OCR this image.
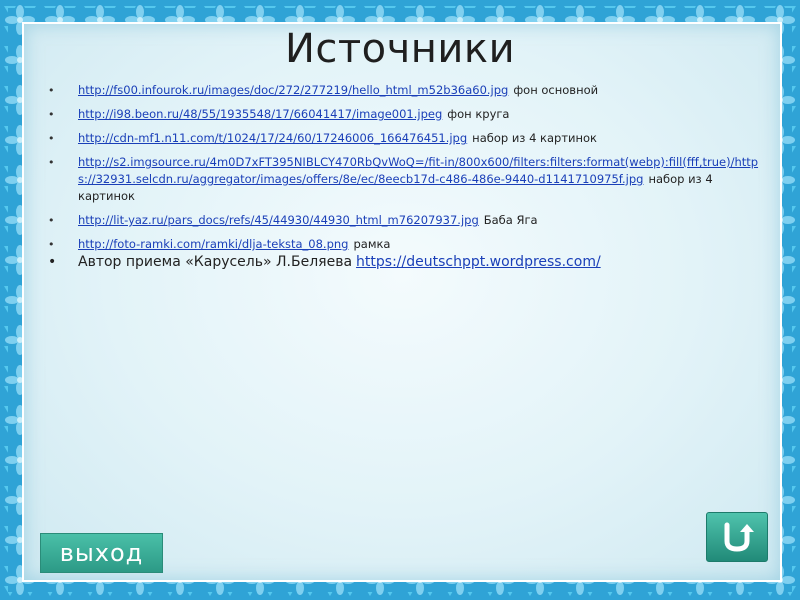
Источники
• http://fs00.infourok.ru/images/doc/272/277219/hello_html_m52b36a60.jpg фон основной
• http://i98.beon.ru/48/55/1935548/17/66041417/image001.jpeg фон круга
• http://cdn-mf1.n11.com/t/1024/17/24/60/17246006_166476451.jpg набор из 4 картинок
• http://s2.imgsource.ru/4m0D7xFT395NIBLCY470RbQvWoQ=/fit-in/800x600/filters:filters:format(webp):fill(fff,true)/https://32931.selcdn.ru/aggregator/images/offers/8e/ec/8eecb17d-c486-486e-9440-d1141710975f.jpg набор из 4 картинок
• http://lit-yaz.ru/pars_docs/refs/45/44930/44930_html_m76207937.jpg Баба Яга
• http://foto-ramki.com/ramki/dlja-teksta_08.png рамка
• Автор приема «Карусель» Л.Беляева https://deutschppt.wordpress.com/
выход
